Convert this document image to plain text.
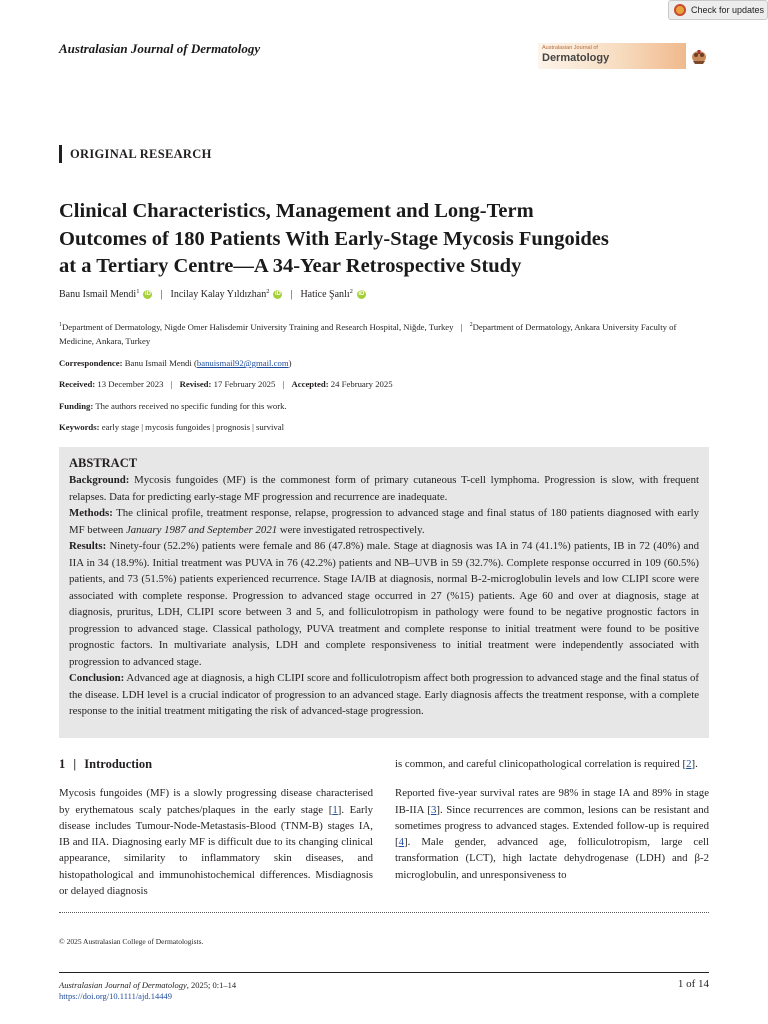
Check for updates
Australasian Journal of Dermatology	Australasian Journal of
Dermatology
ORIGINAL RESEARCH
Clinical Characteristics, Management and Long-Term
Outcomes of 180 Patients With Early-Stage Mycosis Fungoides
at a Tertiary Centre—A 34-Year Retrospective Study
Banu Ismail Mendi$^1$ iD | Incilay Kalay Yıldızhan$^2$ iD | Hatice Şanlı$^2$ iD
$^1$Department of Dermatology, Nigde Omer Halisdemir University Training and Research Hospital, Niğde, Turkey | $^2$Department of Dermatology, Ankara University Faculty of Medicine, Ankara, Turkey
Correspondence: Banu Ismail Mendi (banuismail92@gmail.com)
Received: 13 December 2023 | Revised: 17 February 2025 | Accepted: 24 February 2025
Funding: The authors received no specific funding for this work.
Keywords: early stage | mycosis fungoides | prognosis | survival
ABSTRACT

Background: Mycosis fungoides (MF) is the commonest form of primary cutaneous T-cell lymphoma. Progression is slow, with frequent relapses. Data for predicting early-stage MF progression and recurrence are inadequate.

Methods: The clinical profile, treatment response, relapse, progression to advanced stage and final status of 180 patients diagnosed with early MF between January 1987 and September 2021 were investigated retrospectively.

Results: Ninety-four (52.2%) patients were female and 86 (47.8%) male. Stage at diagnosis was IA in 74 (41.1%) patients, IB in 72 (40%) and IIA in 34 (18.9%). Initial treatment was PUVA in 76 (42.2%) patients and NB–UVB in 59 (32.7%). Complete response occurred in 109 (60.5%) patients, and 73 (51.5%) patients experienced recurrence. Stage IA/IB at diagnosis, normal B-2-microglobulin levels and low CLIPI score were associated with complete response. Progression to advanced stage occurred in 27 (%15) patients. Age 60 and over at diagnosis, stage at diagnosis, pruritus, LDH, CLIPI score between 3 and 5, and folliculotropism in pathology were found to be negative prognostic factors in progression to advanced stage. Classical pathology, PUVA treatment and complete response to initial treatment were found to be positive prognostic factors. In multivariate analysis, LDH and complete responsiveness to initial treatment were independently associated with progression to advanced stage.

Conclusion: Advanced age at diagnosis, a high CLIPI score and folliculotropism affect both progression to advanced stage and the final status of the disease. LDH level is a crucial indicator of progression to an advanced stage. Early diagnosis affects the treatment response, with a complete response to the initial treatment mitigating the risk of advanced-stage progression.

1 | Introduction

Mycosis fungoides (MF) is a slowly progressing disease characterised by erythematous scaly patches/plaques in the early stage [1]. Early disease includes Tumour-Node-Metastasis-Blood (TNM-B) stages IA, IB and IIA. Diagnosing early MF is difficult due to its changing clinical appearance, similarity to inflammatory skin diseases, and histopathological and immunohistochemical differences. Misdiagnosis or delayed diagnosis

is common, and careful clinicopathological correlation is required [2].

Reported five-year survival rates are 98% in stage IA and 89% in stage IB-IIA [3]. Since recurrences are common, lesions can be resistant and sometimes progress to advanced stages. Extended follow-up is required [4]. Male gender, advanced age, folliculotropism, large cell transformation (LCT), high lactate dehydrogenase (LDH) and β-2 microglobulin, and unresponsiveness to

© 2025 Australasian College of Dermatologists.
Australasian Journal of Dermatology, 2025; 0:1–14
https://doi.org/10.1111/ajd.14449
1 of 14
